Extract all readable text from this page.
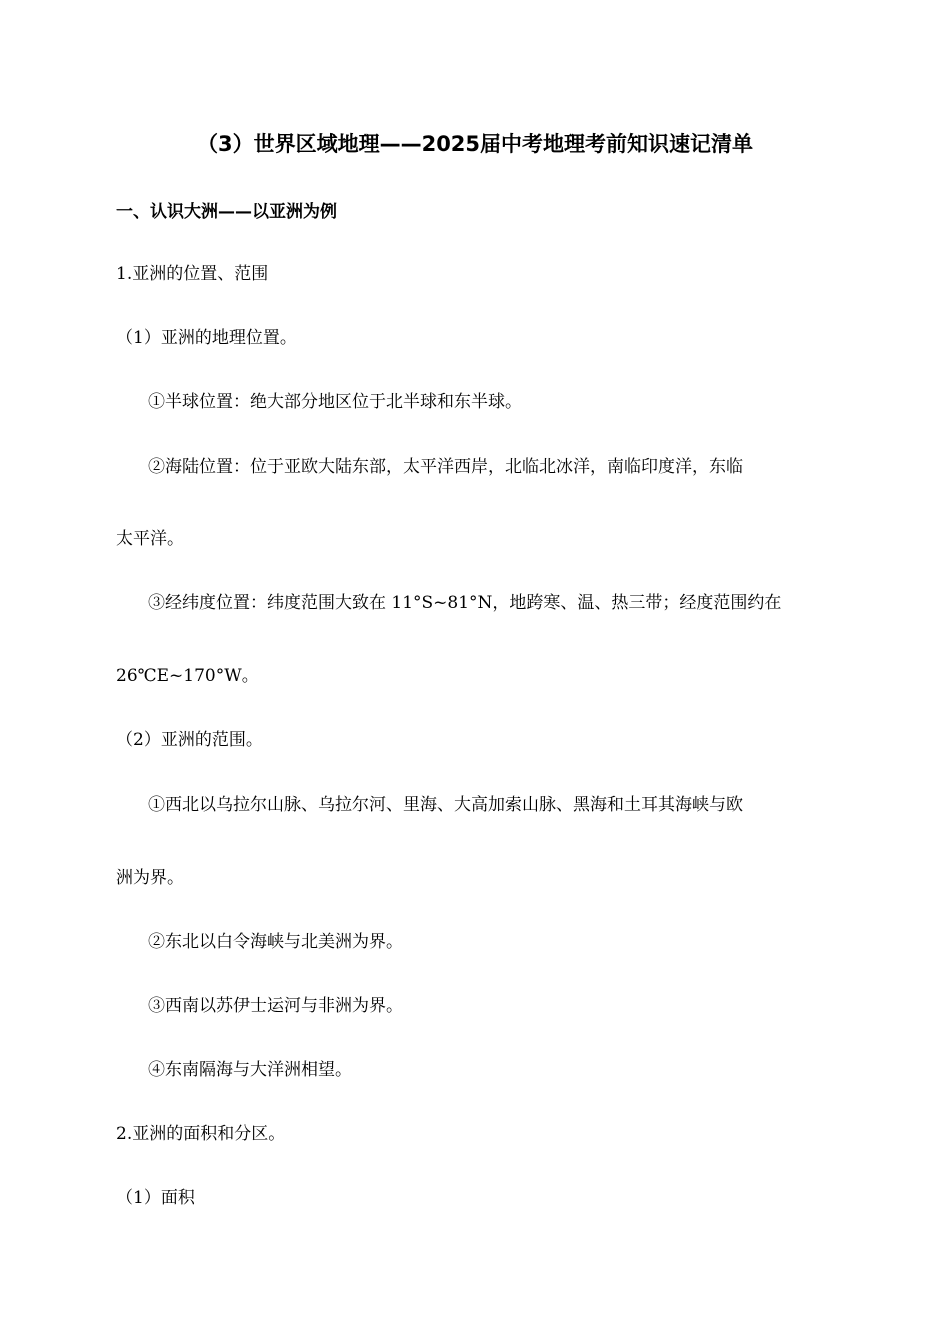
（3）世界区域地理——2025届中考地理考前知识速记清单
一、认识大洲——以亚洲为例
1.亚洲的位置、范围
（1）亚洲的地理位置。
①半球位置：绝大部分地区位于北半球和东半球。
②海陆位置：位于亚欧大陆东部，太平洋西岸，北临北冰洋，南临印度洋，东临
太平洋。
③经纬度位置：纬度范围大致在 11°S~81°N，地跨寒、温、热三带；经度范围约在
26℃E~170°W。
（2）亚洲的范围。
①西北以乌拉尔山脉、乌拉尔河、里海、大高加索山脉、黑海和土耳其海峡与欧
洲为界。
②东北以白令海峡与北美洲为界。
③西南以苏伊士运河与非洲为界。
④东南隔海与大洋洲相望。
2.亚洲的面积和分区。
（1）面积
